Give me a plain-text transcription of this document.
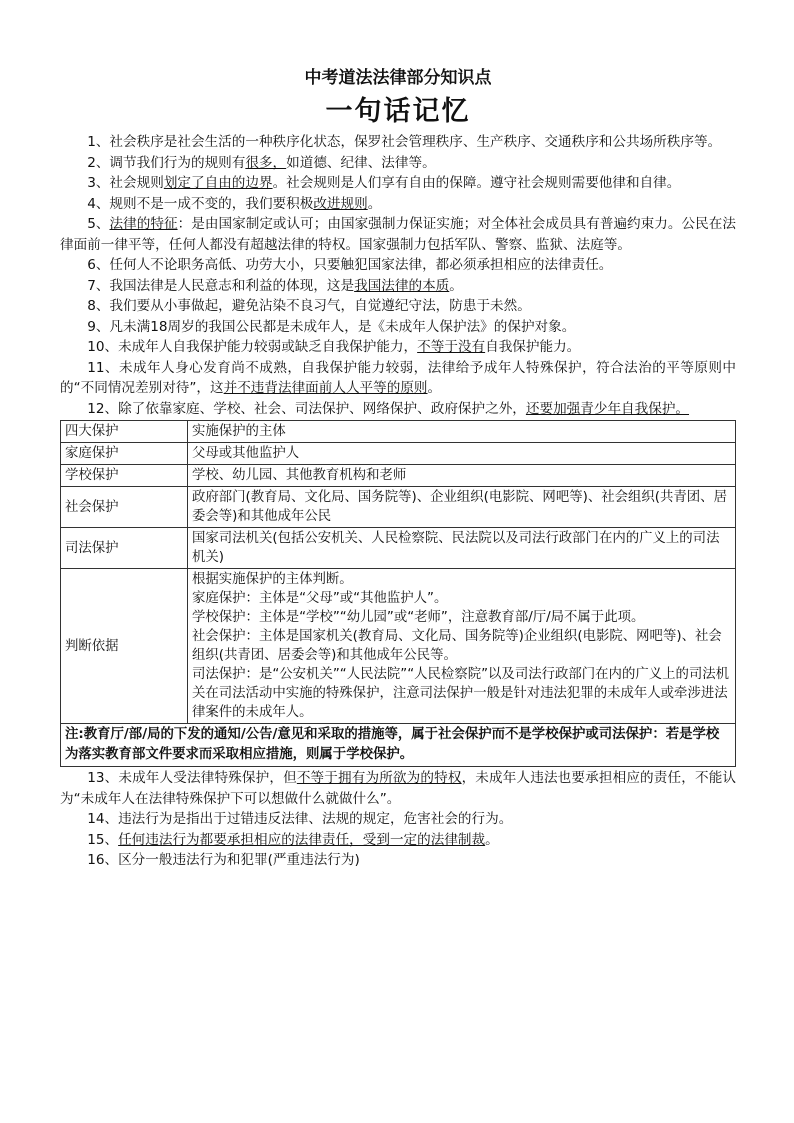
中考道法法律部分知识点
一句话记忆

1、社会秩序是社会生活的一种秩序化状态，保罗社会管理秩序、生产秩序、交通秩序和公共场所秩序等。

2、调节我们行为的规则有很多，如道德、纪律、法律等。

3、社会规则划定了自由的边界。社会规则是人们享有自由的保障。遵守社会规则需要他律和自律。

4、规则不是一成不变的，我们要积极改进规则。

5、法律的特征：是由国家制定或认可；由国家强制力保证实施；对全体社会成员具有普遍约束力。公民在法律面前一律平等，任何人都没有超越法律的特权。国家强制力包括军队、警察、监狱、法庭等。

6、任何人不论职务高低、功劳大小，只要触犯国家法律，都必须承担相应的法律责任。

7、我国法律是人民意志和利益的体现，这是我国法律的本质。

8、我们要从小事做起，避免沾染不良习气，自觉遵纪守法，防患于未然。

9、凡未满18周岁的我国公民都是未成年人，是《未成年人保护法》的保护对象。

10、未成年人自我保护能力较弱或缺乏自我保护能力，不等于没有自我保护能力。

11、未成年人身心发育尚不成熟，自我保护能力较弱，法律给予成年人特殊保护，符合法治的平等原则中的“不同情况差别对待”，这并不违背法律面前人人平等的原则。

12、除了依靠家庭、学校、社会、司法保护、网络保护、政府保护之外，还要加强青少年自我保护。

四大保护	实施保护的主体
家庭保护	父母或其他监护人
学校保护	学校、幼儿园、其他教育机构和老师
社会保护	政府部门(教育局、文化局、国务院等)、企业组织(电影院、网吧等)、社会组织(共青团、居委会等)和其他成年公民
司法保护	国家司法机关(包括公安机关、人民检察院、民法院以及司法行政部门在内的广义上的司法机关)
判断依据	根据实施保护的主体判断。
家庭保护：主体是“父母”或“其他监护人”。
学校保护：主体是“学校”“幼儿园”或“老师”，注意教育部/厅/局不属于此项。
社会保护：主体是国家机关(教育局、文化局、国务院等)企业组织(电影院、网吧等)、社会组织(共青团、居委会等)和其他成年公民等。
司法保护：是“公安机关”“人民法院”“人民检察院”以及司法行政部门在内的广义上的司法机关在司法活动中实施的特殊保护，注意司法保护一般是针对违法犯罪的未成年人或牵涉进法律案件的未成年人。

注:教育厅/部/局的下发的通知/公告/意见和采取的措施等，属于社会保护而不是学校保护或司法保护：若是学校为落实教育部文件要求而采取相应措施，则属于学校保护。	

13、未成年人受法律特殊保护，但不等于拥有为所欲为的特权，未成年人违法也要承担相应的责任，不能认为“未成年人在法律特殊保护下可以想做什么就做什么”。

14、违法行为是指出于过错违反法律、法规的规定，危害社会的行为。

15、任何违法行为都要承担相应的法律责任，受到一定的法律制裁。

16、区分一般违法行为和犯罪(严重违法行为)
